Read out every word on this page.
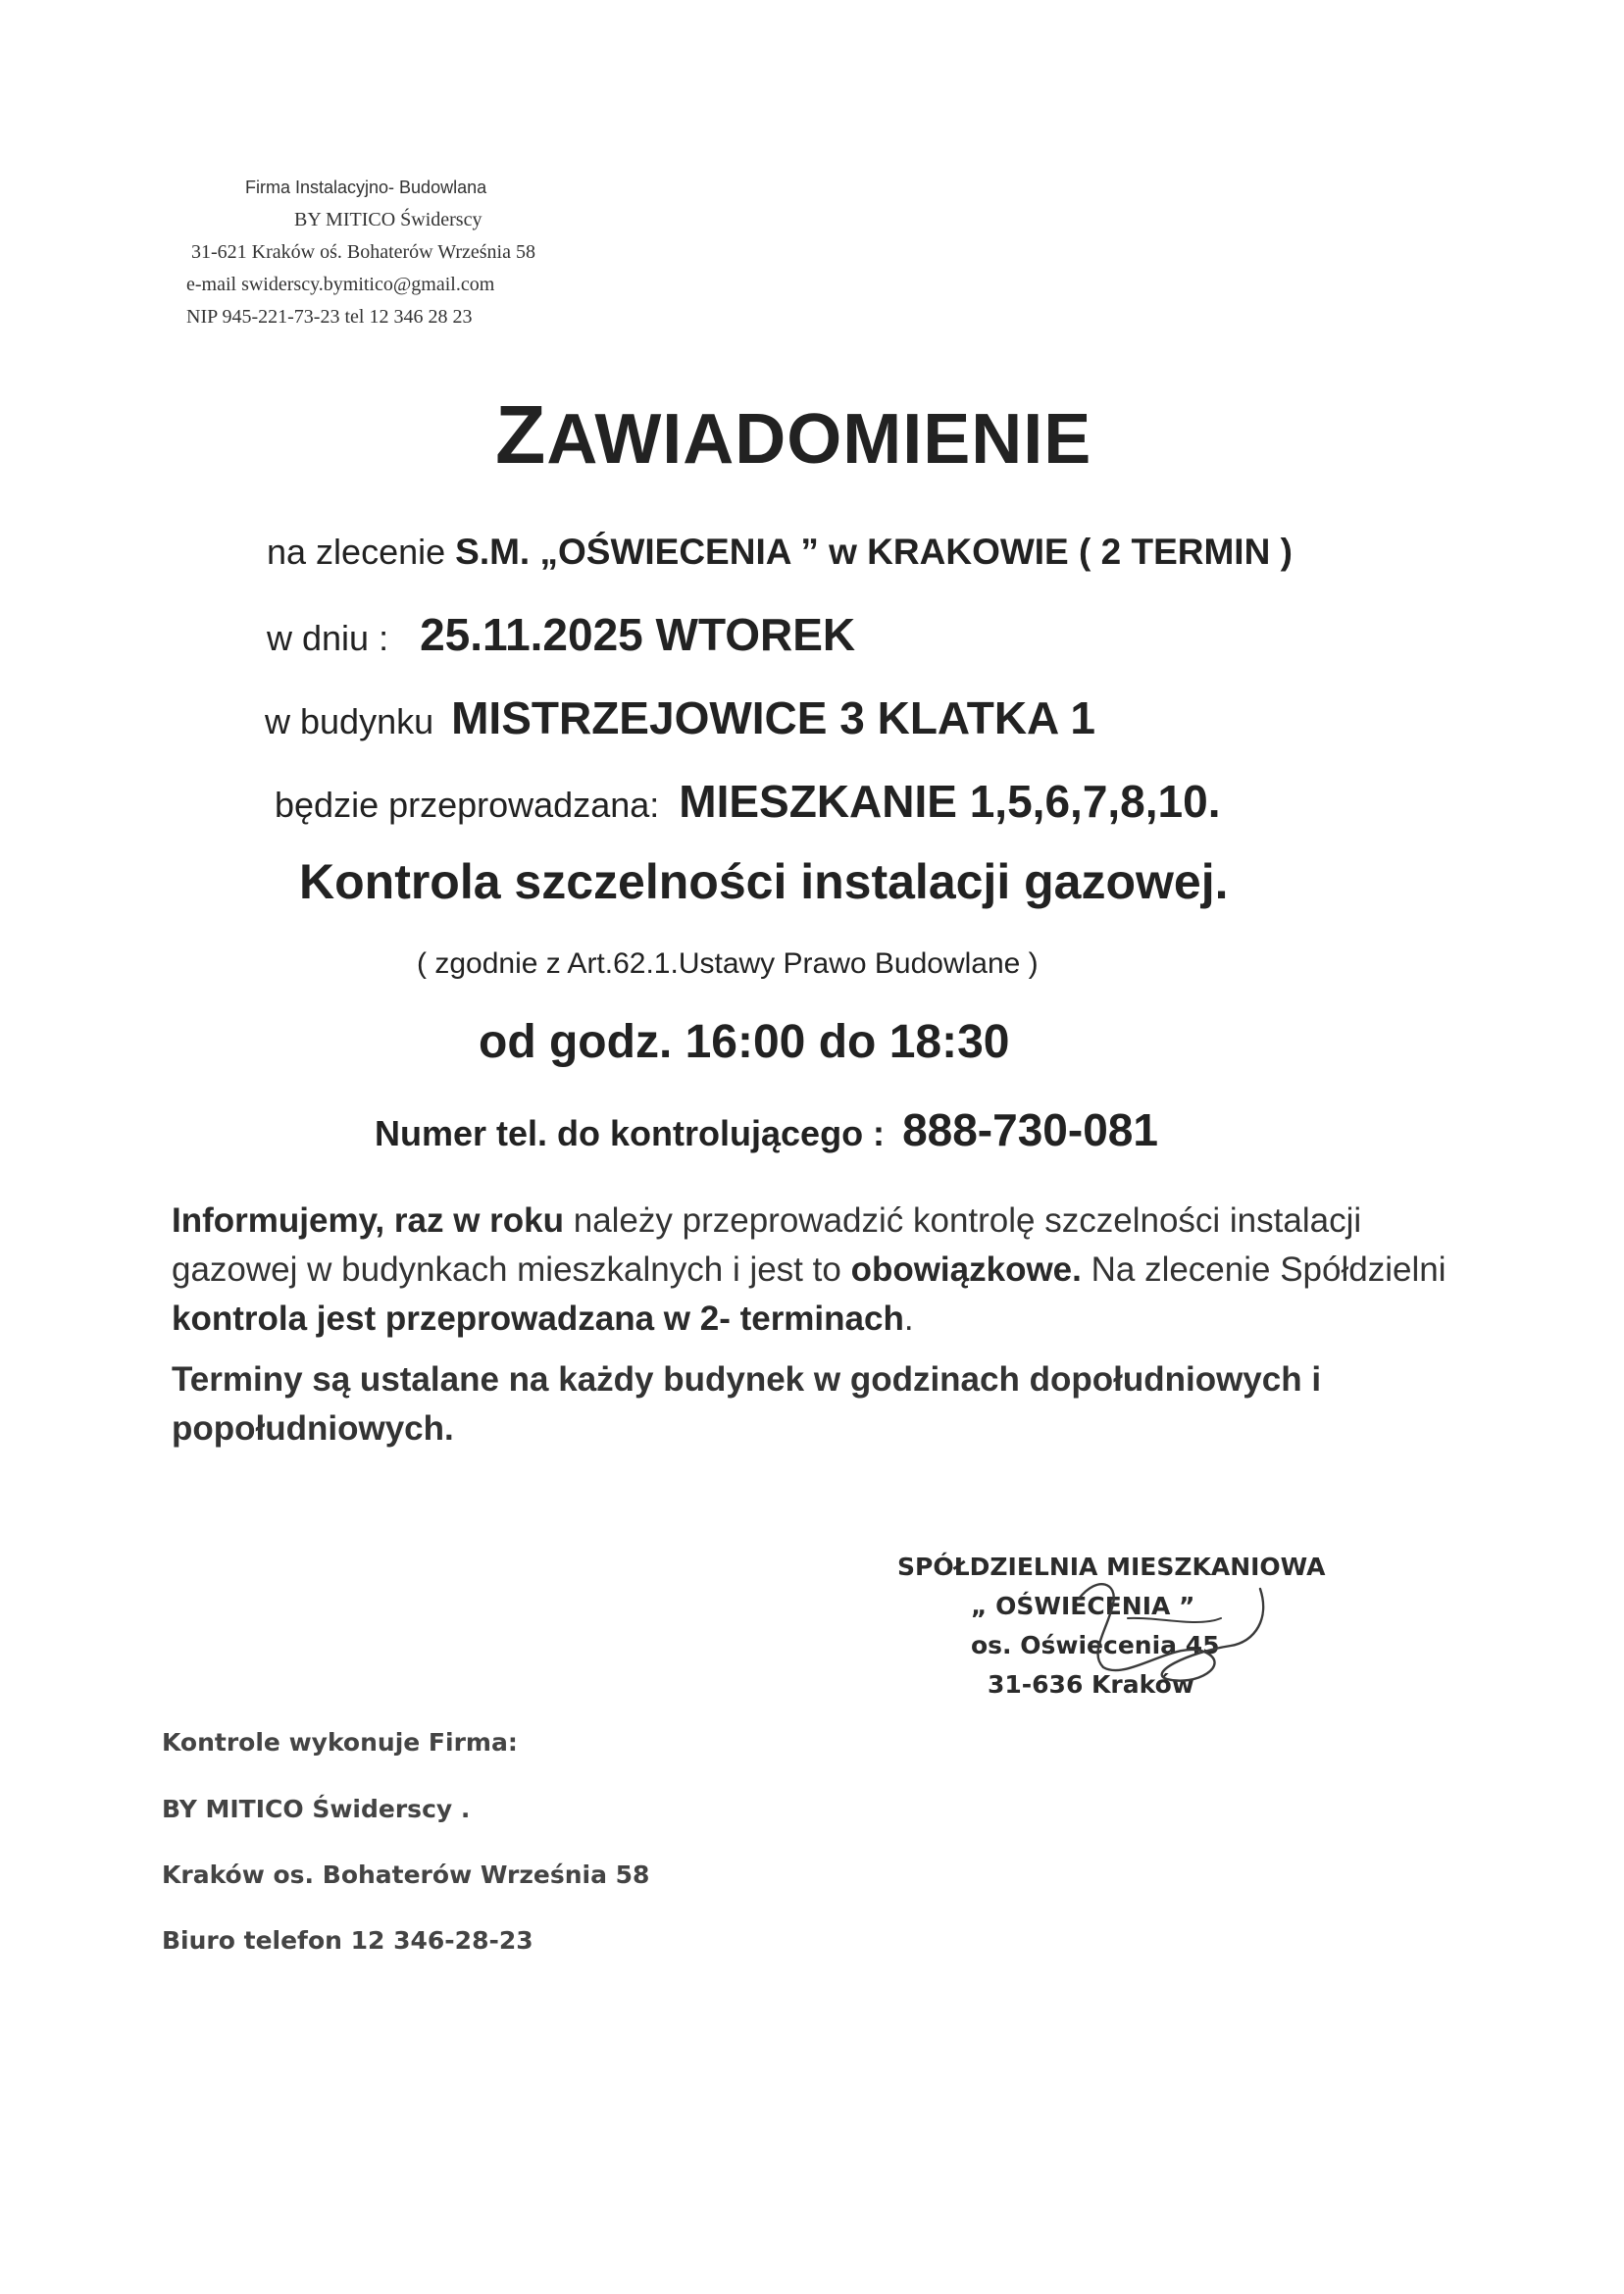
Firma Instalacyjno- Budowlana
BY MITICO Świderscy
31-621 Kraków oś. Bohaterów Września 58
e-mail swiderscy.bymitico@gmail.com
NIP 945-221-73-23 tel 12 346 28 23
ZAWIADOMIENIE
na zlecenie S.M. „OŚWIECENIA ” w KRAKOWIE ( 2 TERMIN )
w dniu : 25.11.2025 WTOREK
w budynku MISTRZEJOWICE 3 KLATKA 1
będzie przeprowadzana: MIESZKANIE 1,5,6,7,8,10.
Kontrola szczelności instalacji gazowej.
( zgodnie z Art.62.1.Ustawy Prawo Budowlane )
od godz. 16:00 do 18:30
Numer tel. do kontrolującego : 888-730-081
Informujemy, raz w roku należy przeprowadzić kontrolę szczelności instalacji gazowej w budynkach mieszkalnych i jest to obowiązkowe. Na zlecenie Spółdzielni kontrola jest przeprowadzana w 2- terminach.
Terminy są ustalane na każdy budynek w godzinach dopołudniowych i popołudniowych.
SPÓŁDZIELNIA MIESZKANIOWA
„ OŚWIECENIA ”
os. Oświecenia 45
31-636 Kraków
Kontrole wykonuje Firma:
BY MITICO Świderscy .
Kraków os. Bohaterów Września 58
Biuro telefon 12 346-28-23
